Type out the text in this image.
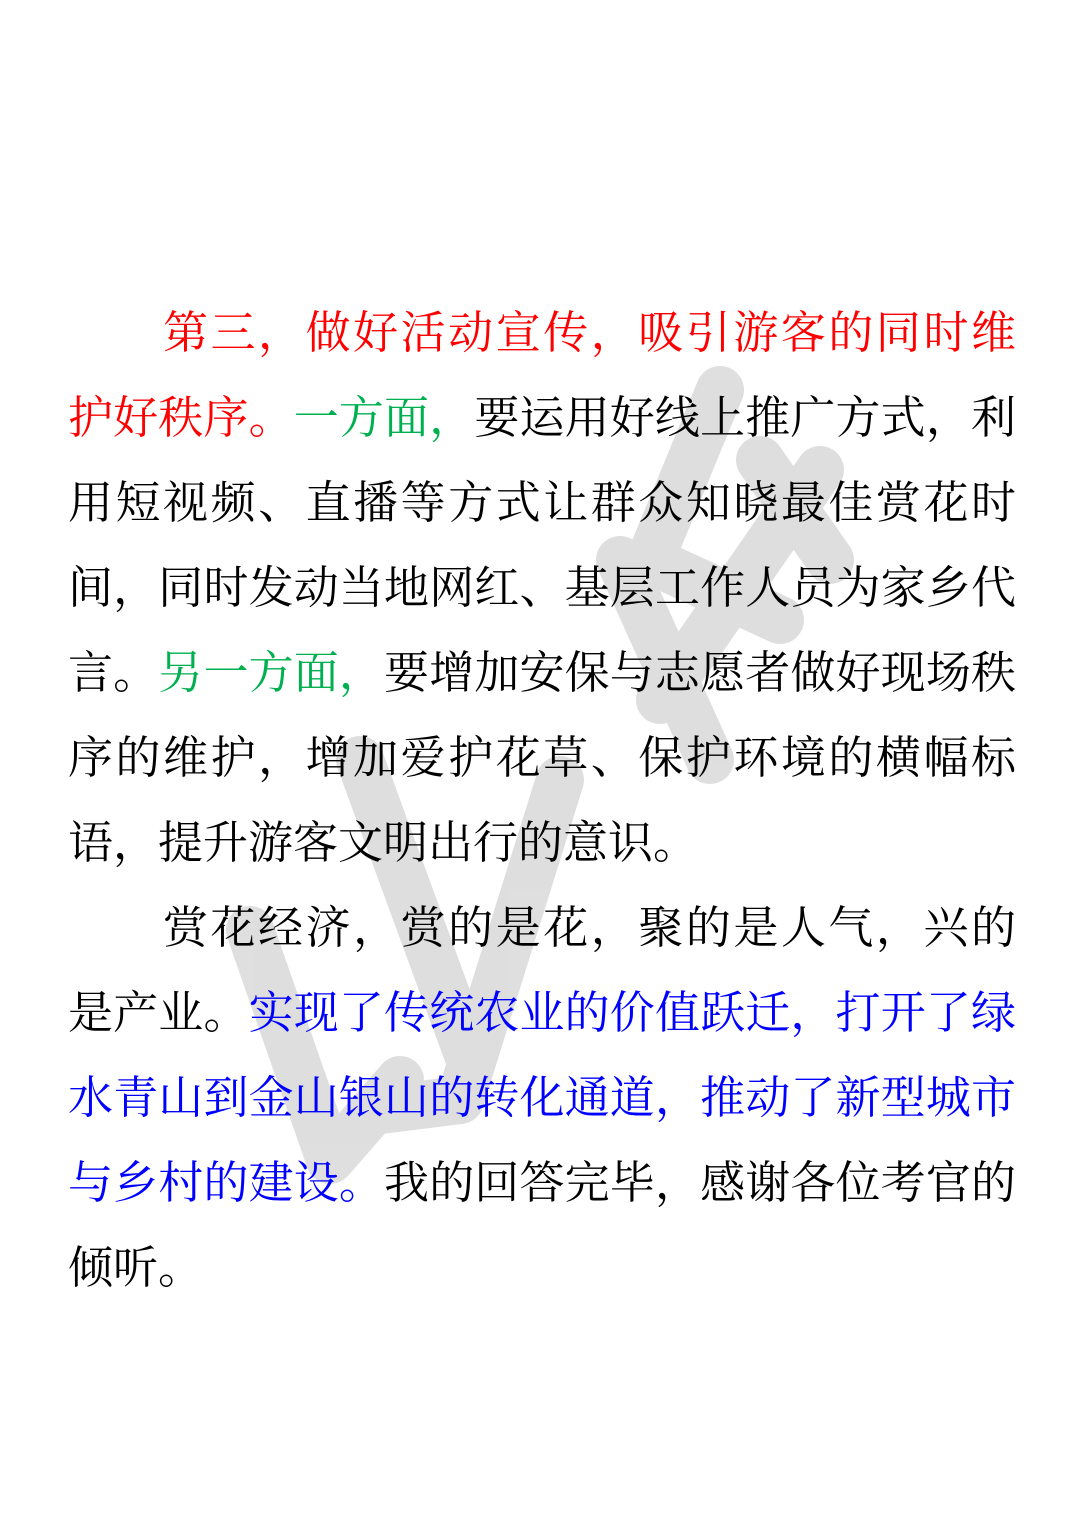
第三，做好活动宣传，吸引游客的同时维护好秩序。一方面，要运用好线上推广方式，利用短视频、直播等方式让群众知晓最佳赏花时间，同时发动当地网红、基层工作人员为家乡代言。另一方面，要增加安保与志愿者做好现场秩序的维护，增加爱护花草、保护环境的横幅标语，提升游客文明出行的意识。

赏花经济，赏的是花，聚的是人气，兴的是产业。实现了传统农业的价值跃迁，打开了绿水青山到金山银山的转化通道，推动了新型城市与乡村的建设。我的回答完毕，感谢各位考官的倾听。
